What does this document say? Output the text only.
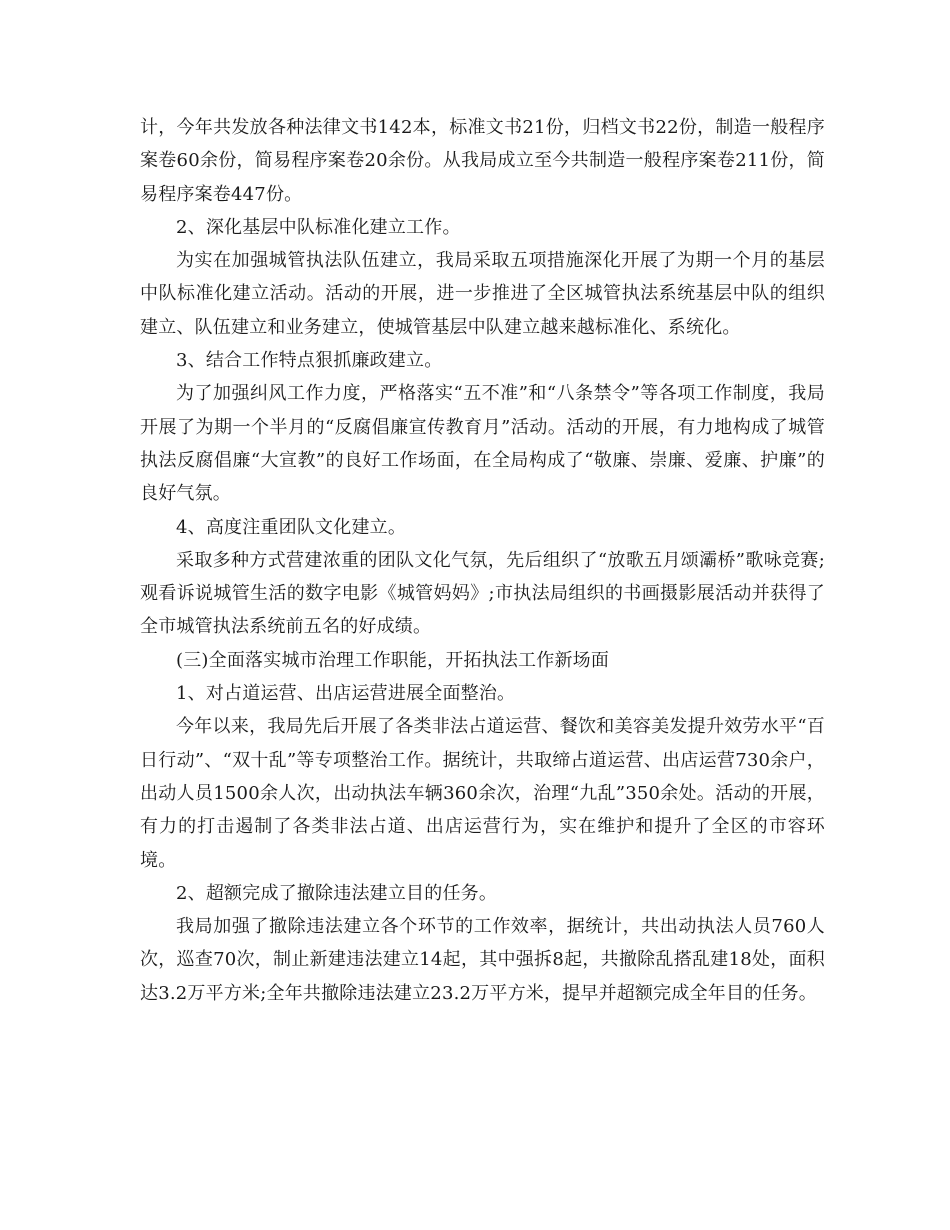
计，今年共发放各种法律文书142本，标准文书21份，归档文书22份，制造一般程序案卷60余份，简易程序案卷20余份。从我局成立至今共制造一般程序案卷211份，简易程序案卷447份。

2、深化基层中队标准化建立工作。

为实在加强城管执法队伍建立，我局采取五项措施深化开展了为期一个月的基层中队标准化建立活动。活动的开展，进一步推进了全区城管执法系统基层中队的组织建立、队伍建立和业务建立，使城管基层中队建立越来越标准化、系统化。

3、结合工作特点狠抓廉政建立。

为了加强纠风工作力度，严格落实“五不准”和“八条禁令”等各项工作制度，我局开展了为期一个半月的“反腐倡廉宣传教育月”活动。活动的开展，有力地构成了城管执法反腐倡廉“大宣教”的良好工作场面，在全局构成了“敬廉、崇廉、爱廉、护廉”的良好气氛。

4、高度注重团队文化建立。

采取多种方式营建浓重的团队文化气氛，先后组织了“放歌五月颂灞桥”歌咏竞赛;观看诉说城管生活的数字电影《城管妈妈》;市执法局组织的书画摄影展活动并获得了全市城管执法系统前五名的好成绩。

(三)全面落实城市治理工作职能，开拓执法工作新场面

1、对占道运营、出店运营进展全面整治。

今年以来，我局先后开展了各类非法占道运营、餐饮和美容美发提升效劳水平“百日行动”、“双十乱”等专项整治工作。据统计，共取缔占道运营、出店运营730余户，出动人员1500余人次，出动执法车辆360余次，治理“九乱”350余处。活动的开展，有力的打击遏制了各类非法占道、出店运营行为，实在维护和提升了全区的市容环境。

2、超额完成了撤除违法建立目的任务。

我局加强了撤除违法建立各个环节的工作效率，据统计，共出动执法人员760人次，巡查70次，制止新建违法建立14起，其中强拆8起，共撤除乱搭乱建18处，面积达3.2万平方米;全年共撤除违法建立23.2万平方米，提早并超额完成全年目的任务。
